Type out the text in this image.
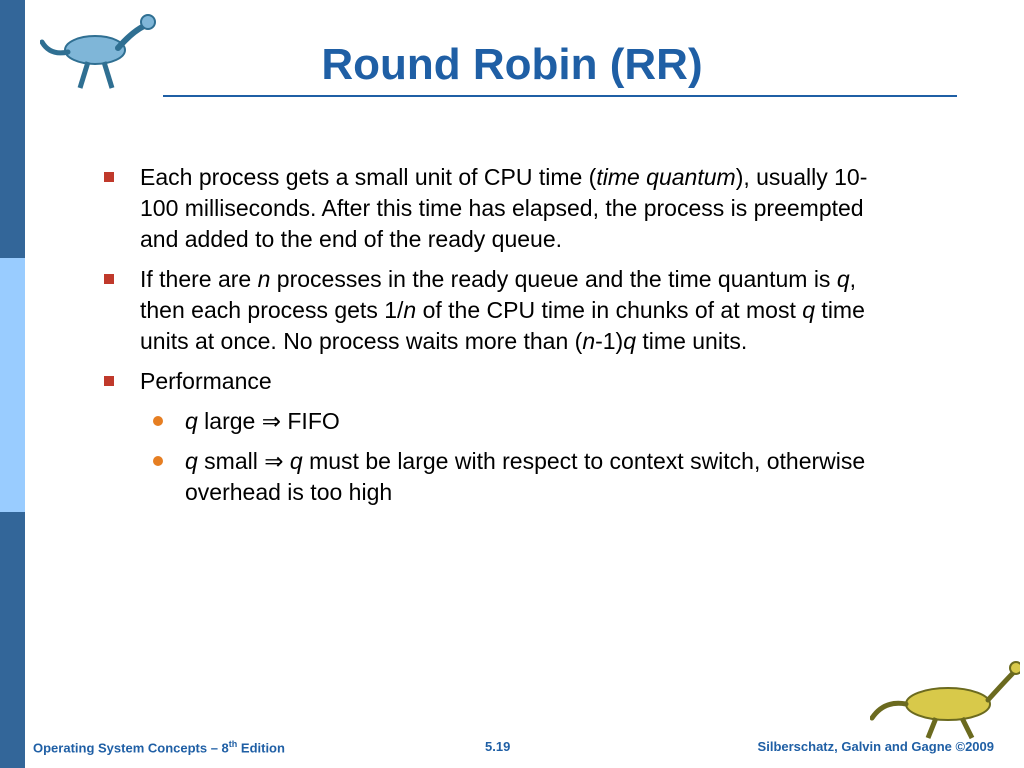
Round Robin (RR)
Each process gets a small unit of CPU time (time quantum), usually 10-100 milliseconds. After this time has elapsed, the process is preempted and added to the end of the ready queue.
If there are n processes in the ready queue and the time quantum is q, then each process gets 1/n of the CPU time in chunks of at most q time units at once. No process waits more than (n-1)q time units.
Performance
q large ⇒ FIFO
q small ⇒ q must be large with respect to context switch, otherwise overhead is too high
Operating System Concepts – 8th Edition	5.19	Silberschatz, Galvin and Gagne ©2009
